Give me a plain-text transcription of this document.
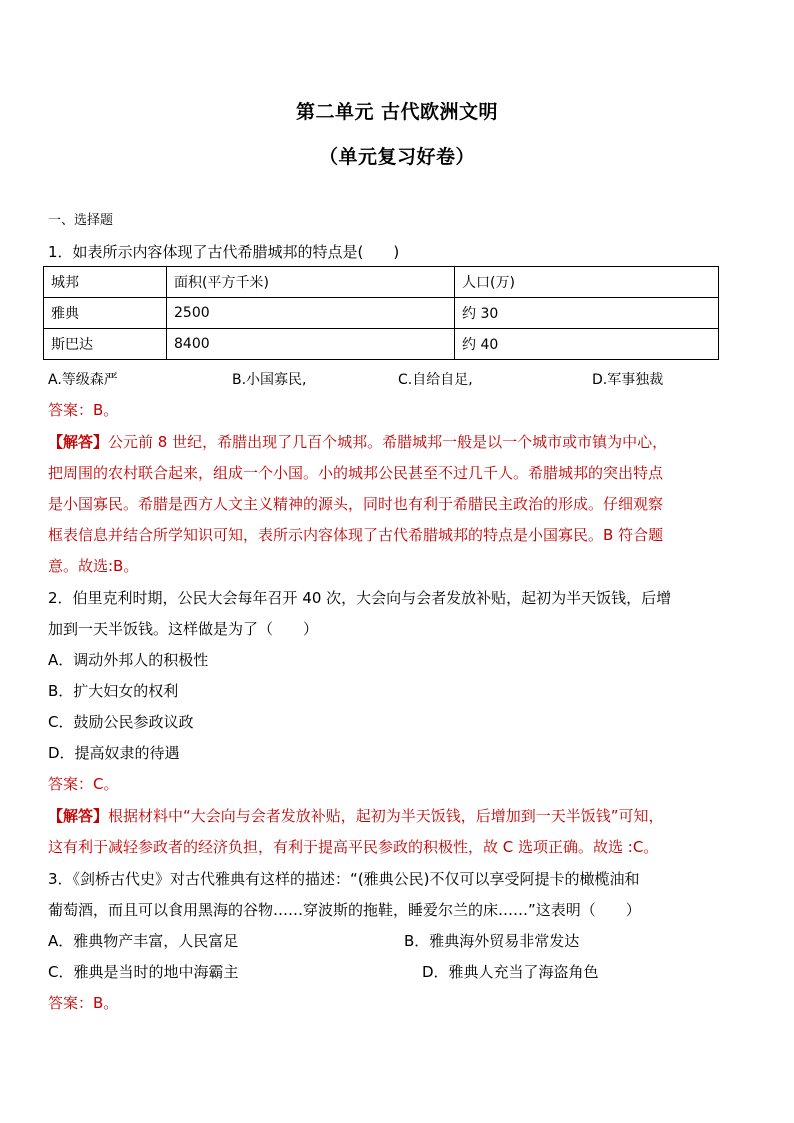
第二单元 古代欧洲文明
（单元复习好卷）
一、选择题
1．如表所示内容体现了古代希腊城邦的特点是(　　)
城邦	面积(平方千米)	人口(万)
雅典	2500	约 30
斯巴达	8400	约 40
A.等级森严	B.小国寡民,	C.自给自足,	D.军事独裁
答案：B。
【解答】公元前 8 世纪，希腊出现了几百个城邦。希腊城邦一般是以一个城市或市镇为中心，
把周围的农村联合起来，组成一个小国。小的城邦公民甚至不过几千人。希腊城邦的突出特点
是小国寡民。希腊是西方人文主义精神的源头，同时也有利于希腊民主政治的形成。仔细观察
框表信息并结合所学知识可知，表所示内容体现了古代希腊城邦的特点是小国寡民。B 符合题
意。故选:B。
2．伯里克利时期，公民大会每年召开 40 次，大会向与会者发放补贴，起初为半天饭钱，后增
加到一天半饭钱。这样做是为了（　　）
A．调动外邦人的积极性
B．扩大妇女的权利
C．鼓励公民参政议政
D．提高奴隶的待遇
答案：C。
【解答】根据材料中“大会向与会者发放补贴，起初为半天饭钱，后增加到一天半饭钱”可知，
这有利于减轻参政者的经济负担，有利于提高平民参政的积极性，故 C 选项正确。故选 :C。
3．《剑桥古代史》对古代雅典有这样的描述：“(雅典公民)不仅可以享受阿提卡的橄榄油和
葡萄酒，而且可以食用黑海的谷物……穿波斯的拖鞋，睡爱尔兰的床……”这表明（　　）
A．雅典物产丰富，人民富足	B．雅典海外贸易非常发达
C．雅典是当时的地中海霸主	D．雅典人充当了海盗角色
答案：B。
